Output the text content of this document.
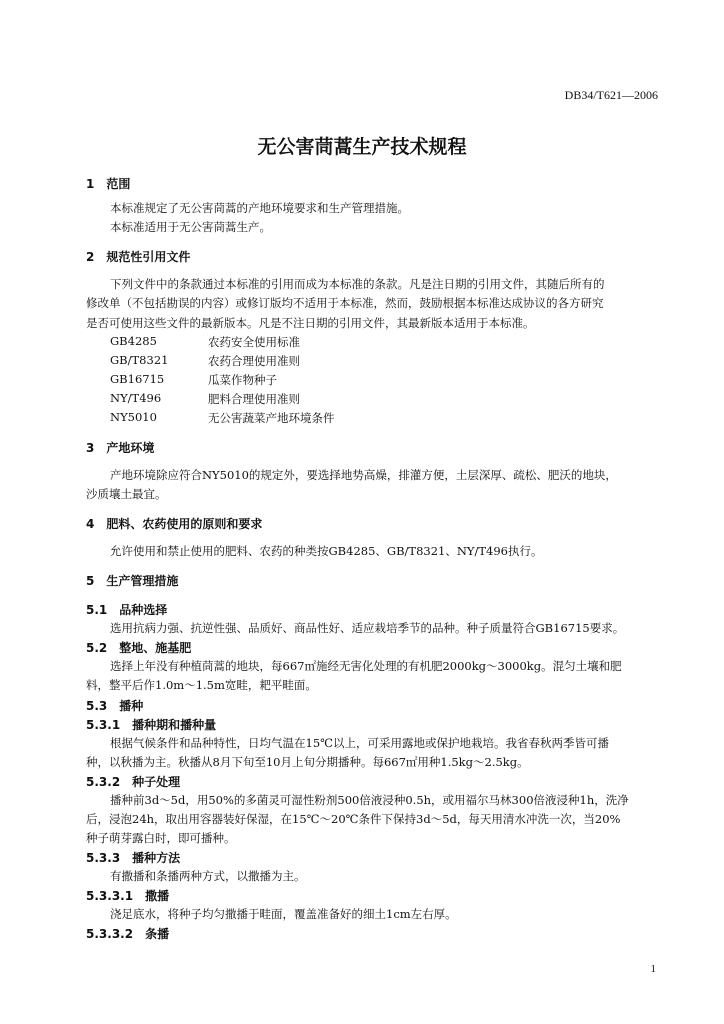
DB34/T621—2006
无公害茼蒿生产技术规程
1　范围
本标准规定了无公害茼蒿的产地环境要求和生产管理措施。
本标准适用于无公害茼蒿生产。
2　规范性引用文件
下列文件中的条款通过本标准的引用而成为本标准的条款。凡是注日期的引用文件，其随后所有的
修改单（不包括勘误的内容）或修订版均不适用于本标准，然而，鼓励根据本标准达成协议的各方研究
是否可使用这些文件的最新版本。凡是不注日期的引用文件，其最新版本适用于本标准。
GB4285	农药安全使用标准
GB/T8321	农药合理使用准则
GB16715	瓜菜作物种子
NY/T496	肥料合理使用准则
NY5010	无公害蔬菜产地环境条件
3　产地环境
产地环境除应符合NY5010的规定外，要选择地势高燥，排灌方便，土层深厚、疏松、肥沃的地块，
沙质壤土最宜。
4　肥料、农药使用的原则和要求
允许使用和禁止使用的肥料、农药的种类按GB4285、GB/T8321、NY/T496执行。
5　生产管理措施
5.1　品种选择
选用抗病力强、抗逆性强、品质好、商品性好、适应栽培季节的品种。种子质量符合GB16715要求。
5.2　整地、施基肥
选择上年没有种植茼蒿的地块，每667㎡施经无害化处理的有机肥2000kg～3000kg。混匀土壤和肥
料，整平后作1.0m～1.5m宽畦，耙平畦面。
5.3　播种
5.3.1　播种期和播种量
根据气候条件和品种特性，日均气温在15℃以上，可采用露地或保护地栽培。我省春秋两季皆可播
种，以秋播为主。秋播从8月下旬至10月上旬分期播种。每667㎡用种1.5kg～2.5kg。
5.3.2　种子处理
播种前3d～5d，用50%的多菌灵可湿性粉剂500倍液浸种0.5h，或用福尔马林300倍液浸种1h，洗净
后，浸泡24h，取出用容器装好保湿，在15℃～20℃条件下保持3d～5d，每天用清水冲洗一次，当20%
种子萌芽露白时，即可播种。
5.3.3　播种方法
有撒播和条播两种方式，以撒播为主。
5.3.3.1　撒播
浇足底水，将种子均匀撒播于畦面，覆盖准备好的细土1cm左右厚。
5.3.3.2　条播
1
